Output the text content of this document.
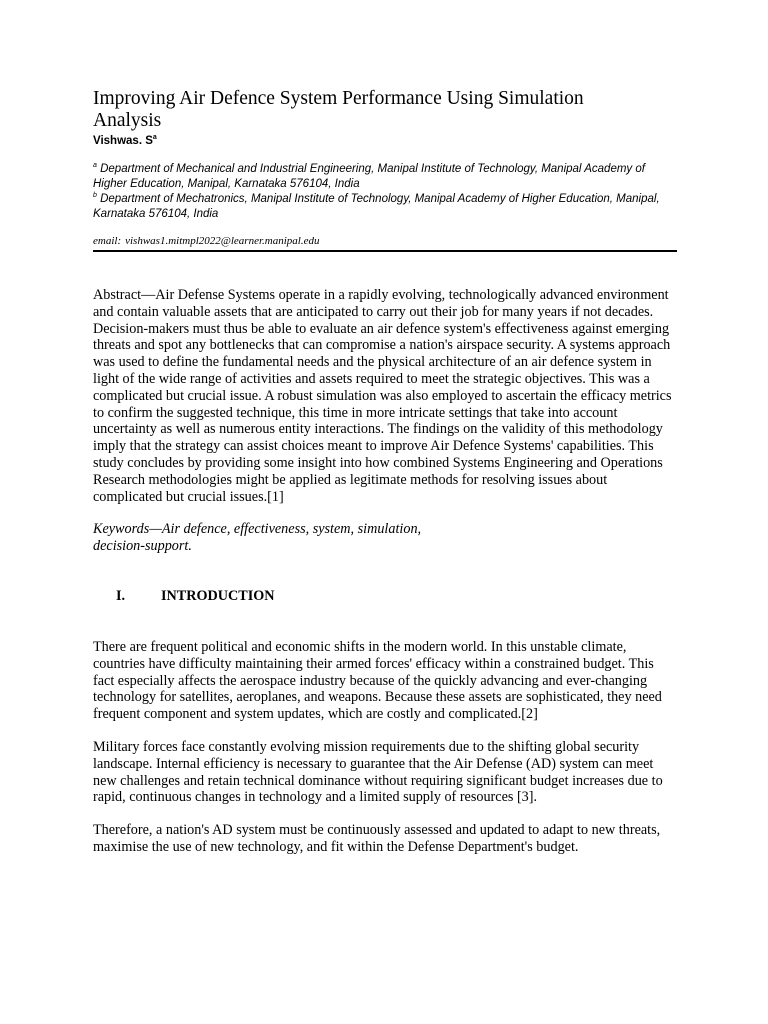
Improving Air Defence System Performance Using Simulation Analysis
Vishwas. $S^a$

$^a$ Department of Mechanical and Industrial Engineering, Manipal Institute of Technology, Manipal Academy of Higher Education, Manipal, Karnataka 576104, India

$^b$ Department of Mechatronics, Manipal Institute of Technology, Manipal Academy of Higher Education, Manipal, Karnataka 576104, India

email: vishwas1.mitmpl2022@learner.manipal.edu

Abstract—Air Defense Systems operate in a rapidly evolving, technologically advanced environment and contain valuable assets that are anticipated to carry out their job for many years if not decades. Decision-makers must thus be able to evaluate an air defence system's effectiveness against emerging threats and spot any bottlenecks that can compromise a nation's airspace security. A systems approach was used to define the fundamental needs and the physical architecture of an air defence system in light of the wide range of activities and assets required to meet the strategic objectives. This was a complicated but crucial issue. A robust simulation was also employed to ascertain the efficacy metrics to confirm the suggested technique, this time in more intricate settings that take into account uncertainty as well as numerous entity interactions. The findings on the validity of this methodology imply that the strategy can assist choices meant to improve Air Defence Systems' capabilities. This study concludes by providing some insight into how combined Systems Engineering and Operations Research methodologies might be applied as legitimate methods for resolving issues about complicated but crucial issues.[1]

Keywords—Air defence, effectiveness, system, simulation,
decision-support.

I.	INTRODUCTION

There are frequent political and economic shifts in the modern world. In this unstable climate, countries have difficulty maintaining their armed forces' efficacy within a constrained budget. This fact especially affects the aerospace industry because of the quickly advancing and ever-changing technology for satellites, aeroplanes, and weapons. Because these assets are sophisticated, they need frequent component and system updates, which are costly and complicated.[2]

Military forces face constantly evolving mission requirements due to the shifting global security landscape. Internal efficiency is necessary to guarantee that the Air Defense (AD) system can meet new challenges and retain technical dominance without requiring significant budget increases due to rapid, continuous changes in technology and a limited supply of resources [3].

Therefore, a nation's AD system must be continuously assessed and updated to adapt to new threats, maximise the use of new technology, and fit within the Defense Department's budget.
